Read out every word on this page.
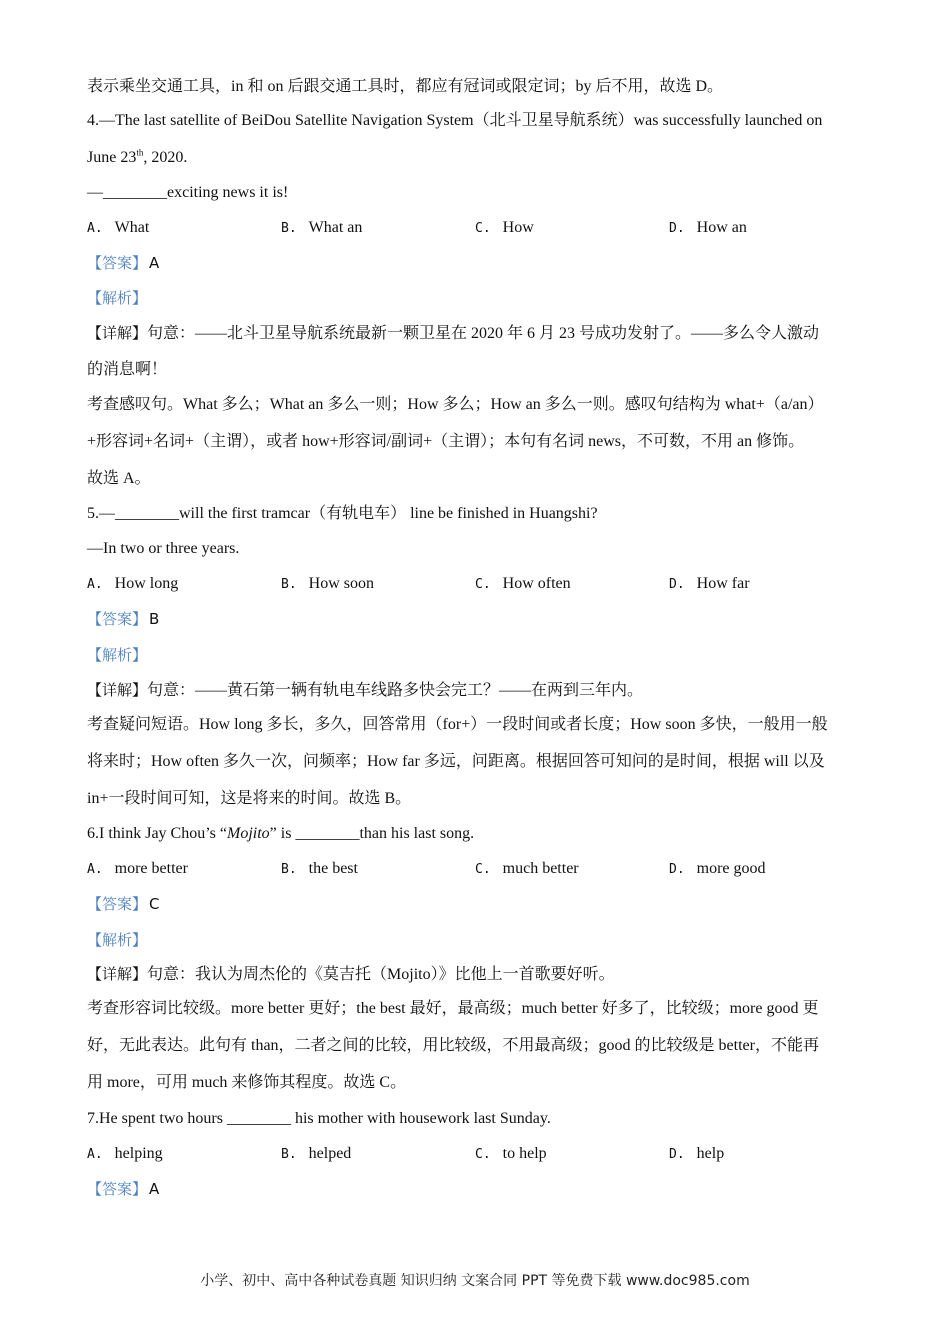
表示乘坐交通工具，in 和 on 后跟交通工具时，都应有冠词或限定词；by 后不用，故选 D。
4.—The last satellite of BeiDou Satellite Navigation System（北斗卫星导航系统）was successfully launched on
June 23th, 2020.
—________exciting news it is!
A. What	B. What an	C. How	D. How an
【答案】 A
【解析】
【详解】句意：——北斗卫星导航系统最新一颗卫星在 2020 年 6 月 23 号成功发射了。——多么令人激动
的消息啊！
考查感叹句。What 多么；What an 多么一则；How 多么；How an 多么一则。感叹句结构为 what+（a/an）
+形容词+名词+（主谓），或者 how+形容词/副词+（主谓）；本句有名词 news，不可数，不用 an 修饰。
故选 A。
5.—________will the first tramcar（有轨电车） line be finished in Huangshi?
—In two or three years.
A. How long	B. How soon	C. How often	D. How far
【答案】 B
【解析】
【详解】句意：——黄石第一辆有轨电车线路多快会完工？——在两到三年内。
考查疑问短语。How long 多长，多久，回答常用（for+）一段时间或者长度；How soon 多快，一般用一般
将来时；How often 多久一次，问频率；How far 多远，问距离。根据回答可知问的是时间，根据 will 以及
in+一段时间可知，这是将来的时间。故选 B。
6.I think Jay Chou’s “Mojito” is ________than his last song.
A. more better	B. the best	C. much better	D. more good
【答案】 C
【解析】
【详解】句意：我认为周杰伦的《莫吉托（Mojito）》比他上一首歌要好听。
考查形容词比较级。more better 更好；the best 最好，最高级；much better 好多了，比较级；more good 更
好，无此表达。此句有 than，二者之间的比较，用比较级，不用最高级；good 的比较级是 better，不能再
用 more，可用 much 来修饰其程度。故选 C。
7.He spent two hours ________ his mother with housework last Sunday.
A. helping	B. helped	C. to help	D. help
【答案】 A
小学、初中、高中各种试卷真题 知识归纳 文案合同 PPT 等免费下载 www.doc985.com
